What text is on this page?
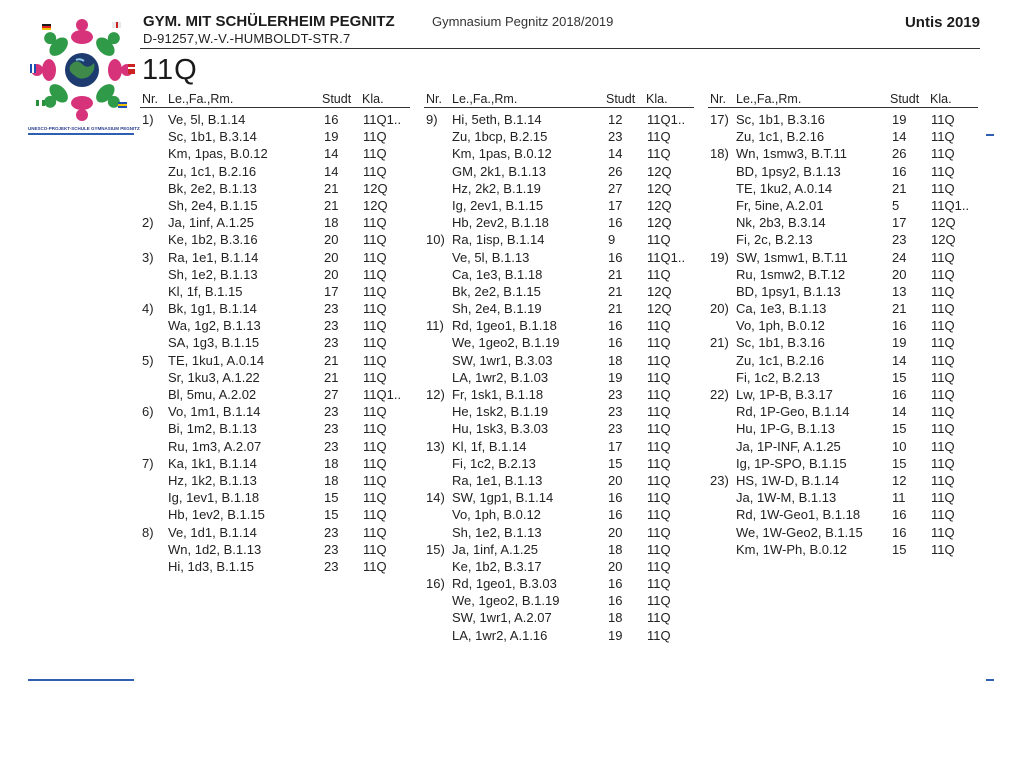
UNESCO-PROJEKT-SCHULE GYMNASIUM PEGNITZ
GYM. MIT SCHÜLERHEIM PEGNITZ
D-91257,W.-V.-HUMBOLDT-STR.7
Gymnasium Pegnitz 2018/2019	Untis 2019
11Q
Nr. Le.,Fa.,Rm.	Studt Kla.
1) Ve, 5l, B.1.14	16 11Q1..
Sc, 1b1, B.3.14	19 11Q
Km, 1pas, B.0.12	14 11Q
Zu, 1c1, B.2.16	14 11Q
Bk, 2e2, B.1.13	21 12Q
Sh, 2e4, B.1.15	21 12Q
2) Ja, 1inf, A.1.25	18 11Q
Ke, 1b2, B.3.16	20 11Q
3) Ra, 1e1, B.1.14	20 11Q
Sh, 1e2, B.1.13	20 11Q
Kl, 1f, B.1.15	17 11Q
4) Bk, 1g1, B.1.14	23 11Q
Wa, 1g2, B.1.13	23 11Q
SA, 1g3, B.1.15	23 11Q
5) TE, 1ku1, A.0.14	21 11Q
Sr, 1ku3, A.1.22	21 11Q
Bl, 5mu, A.2.02	27 11Q1..
6) Vo, 1m1, B.1.14	23 11Q
Bi, 1m2, B.1.13	23 11Q
Ru, 1m3, A.2.07	23 11Q
7) Ka, 1k1, B.1.14	18 11Q
Hz, 1k2, B.1.13	18 11Q
Ig, 1ev1, B.1.18	15 11Q
Hb, 1ev2, B.1.15	15 11Q
8) Ve, 1d1, B.1.14	23 11Q
Wn, 1d2, B.1.13	23 11Q
Hi, 1d3, B.1.15	23 11Q
Nr. Le.,Fa.,Rm.	Studt Kla.
9) Hi, 5eth, B.1.14	12 11Q1..
Zu, 1bcp, B.2.15	23 11Q
Km, 1pas, B.0.12	14 11Q
GM, 2k1, B.1.13	26 12Q
Hz, 2k2, B.1.19	27 12Q
Ig, 2ev1, B.1.15	17 12Q
Hb, 2ev2, B.1.18	16 12Q
10) Ra, 1isp, B.1.14	9 11Q
Ve, 5l, B.1.13	16 11Q1..
Ca, 1e3, B.1.18	21 11Q
Bk, 2e2, B.1.15	21 12Q
Sh, 2e4, B.1.19	21 12Q
11) Rd, 1geo1, B.1.18	16 11Q
We, 1geo2, B.1.19	16 11Q
SW, 1wr1, B.3.03	18 11Q
LA, 1wr2, B.1.03	19 11Q
12) Fr, 1sk1, B.1.18	23 11Q
He, 1sk2, B.1.19	23 11Q
Hu, 1sk3, B.3.03	23 11Q
13) Kl, 1f, B.1.14	17 11Q
Fi, 1c2, B.2.13	15 11Q
Ra, 1e1, B.1.13	20 11Q
14) SW, 1gp1, B.1.14	16 11Q
Vo, 1ph, B.0.12	16 11Q
Sh, 1e2, B.1.13	20 11Q
15) Ja, 1inf, A.1.25	18 11Q
Ke, 1b2, B.3.17	20 11Q
16) Rd, 1geo1, B.3.03	16 11Q
We, 1geo2, B.1.19	16 11Q
SW, 1wr1, A.2.07	18 11Q
LA, 1wr2, A.1.16	19 11Q
Nr. Le.,Fa.,Rm.	Studt Kla.
17) Sc, 1b1, B.3.16	19 11Q
Zu, 1c1, B.2.16	14 11Q
18) Wn, 1smw3, B.T.11	26 11Q
BD, 1psy2, B.1.13	16 11Q
TE, 1ku2, A.0.14	21 11Q
Fr, 5ine, A.2.01	5 11Q1..
Nk, 2b3, B.3.14	17 12Q
Fi, 2c, B.2.13	23 12Q
19) SW, 1smw1, B.T.11	24 11Q
Ru, 1smw2, B.T.12	20 11Q
BD, 1psy1, B.1.13	13 11Q
20) Ca, 1e3, B.1.13	21 11Q
Vo, 1ph, B.0.12	16 11Q
21) Sc, 1b1, B.3.16	19 11Q
Zu, 1c1, B.2.16	14 11Q
Fi, 1c2, B.2.13	15 11Q
22) Lw, 1P-B, B.3.17	16 11Q
Rd, 1P-Geo, B.1.14	14 11Q
Hu, 1P-G, B.1.13	15 11Q
Ja, 1P-INF, A.1.25	10 11Q
Ig, 1P-SPO, B.1.15	15 11Q
23) HS, 1W-D, B.1.14	12 11Q
Ja, 1W-M, B.1.13	11 11Q
Rd, 1W-Geo1, B.1.18 16 11Q
We, 1W-Geo2, B.1.15 16 11Q
Km, 1W-Ph, B.0.12	15 11Q
